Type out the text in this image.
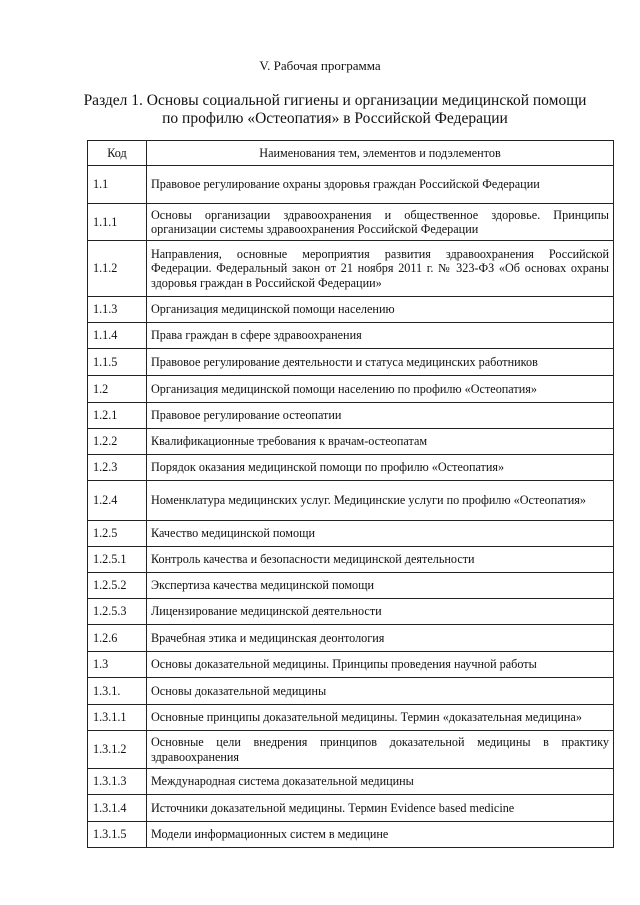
V. Рабочая программа
Раздел 1. Основы социальной гигиены и организации медицинской помощи
по профилю «Остеопатия» в Российской Федерации
Код	Наименования тем, элементов и подэлементов
1.1	Правовое регулирование охраны здоровья граждан Российской Федерации
1.1.1	Основы организации здравоохранения и общественное здоровье. Принципы организации системы здравоохранения Российской Федерации
1.1.2	Направления, основные мероприятия развития здравоохранения Российской Федерации. Федеральный закон от 21 ноября 2011 г. № 323-ФЗ «Об основах охраны здоровья граждан в Российской Федерации»
1.1.3	Организация медицинской помощи населению
1.1.4	Права граждан в сфере здравоохранения
1.1.5	Правовое регулирование деятельности и статуса медицинских работников
1.2	Организация медицинской помощи населению по профилю «Остеопатия»
1.2.1	Правовое регулирование остеопатии
1.2.2	Квалификационные требования к врачам-остеопатам
1.2.3	Порядок оказания медицинской помощи по профилю «Остеопатия»
1.2.4	Номенклатура медицинских услуг. Медицинские услуги по профилю «Остеопатия»
1.2.5	Качество медицинской помощи
1.2.5.1	Контроль качества и безопасности медицинской деятельности
1.2.5.2	Экспертиза качества медицинской помощи
1.2.5.3	Лицензирование медицинской деятельности
1.2.6	Врачебная этика и медицинская деонтология
1.3	Основы доказательной медицины. Принципы проведения научной работы
1.3.1.	Основы доказательной медицины
1.3.1.1	Основные принципы доказательной медицины. Термин «доказательная медицина»
1.3.1.2	Основные цели внедрения принципов доказательной медицины в практику здравоохранения
1.3.1.3	Международная система доказательной медицины
1.3.1.4	Источники доказательной медицины. Термин Evidence based medicine
1.3.1.5	Модели информационных систем в медицине
